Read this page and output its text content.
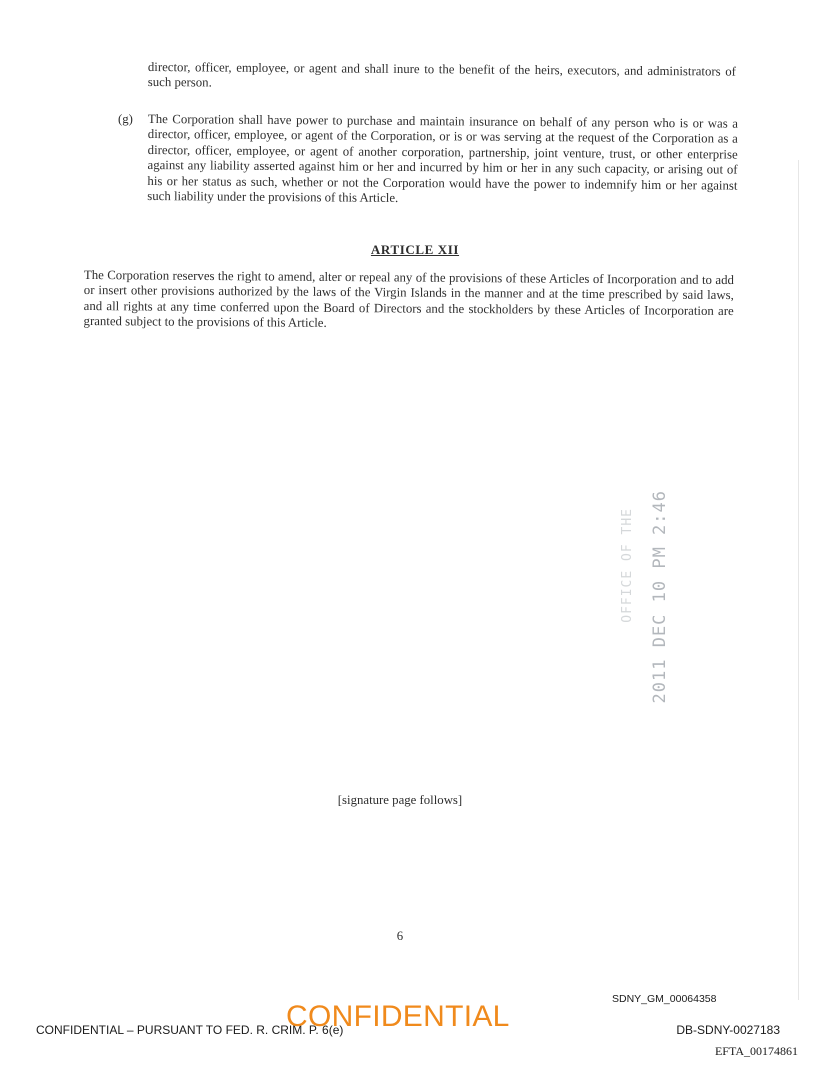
director, officer, employee, or agent and shall inure to the benefit of the heirs, executors, and administrators of such person.
(g) The Corporation shall have power to purchase and maintain insurance on behalf of any person who is or was a director, officer, employee, or agent of the Corporation, or is or was serving at the request of the Corporation as a director, officer, employee, or agent of another corporation, partnership, joint venture, trust, or other enterprise against any liability asserted against him or her and incurred by him or her in any such capacity, or arising out of his or her status as such, whether or not the Corporation would have the power to indemnify him or her against such liability under the provisions of this Article.
ARTICLE XII
The Corporation reserves the right to amend, alter or repeal any of the provisions of these Articles of Incorporation and to add or insert other provisions authorized by the laws of the Virgin Islands in the manner and at the time prescribed by said laws, and all rights at any time conferred upon the Board of Directors and the stockholders by these Articles of Incorporation are granted subject to the provisions of this Article.
2011 DEC 10 PM 2:46
OFFICE OF THE
[signature page follows]
6
SDNY_GM_00064358
CONFIDENTIAL – PURSUANT TO FED. R. CRIM. P. 6(e)
CONFIDENTIAL	DB-SDNY-0027183
EFTA_00174861
